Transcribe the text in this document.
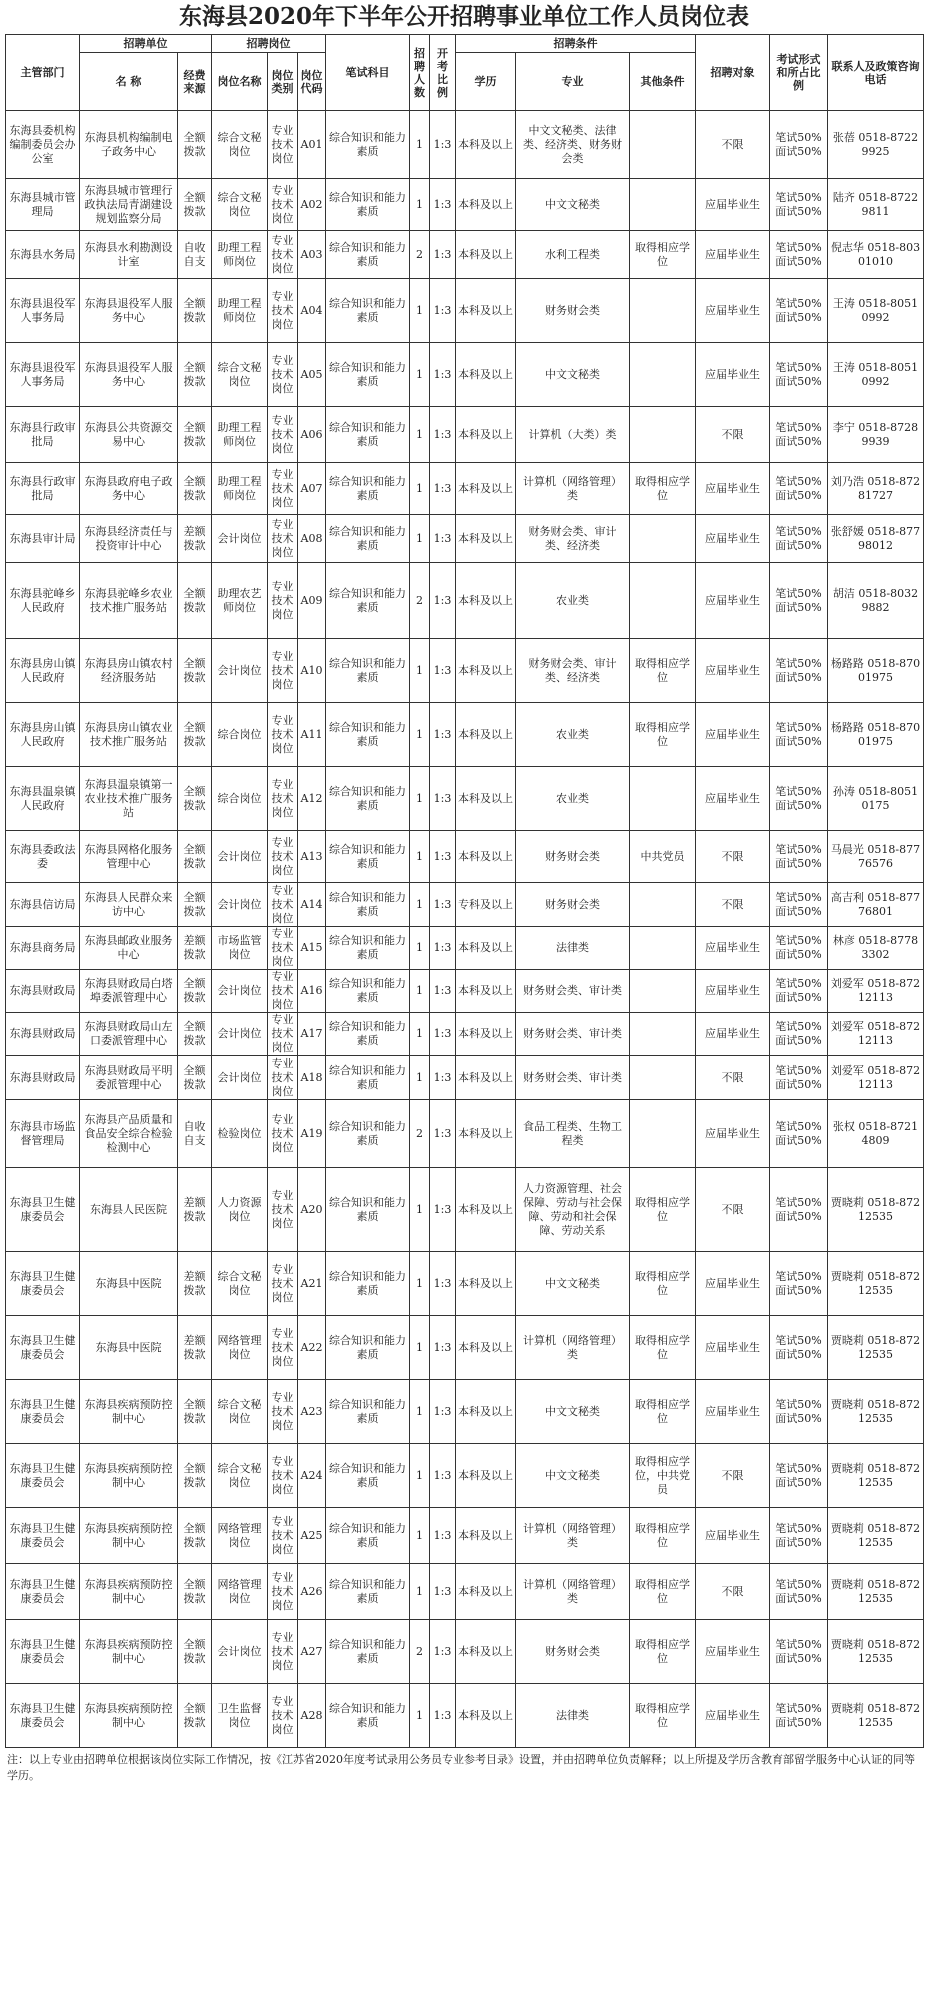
东海县2020年下半年公开招聘事业单位工作人员岗位表
主管部门	招聘单位		招聘岗位			笔试科目	招聘人数	开考比例	招聘条件			招聘对象	考试形式和所占比例	联系人及政策咨询电话
	名 称	经费来源	岗位名称	岗位类别	岗位代码				学历	专业	其他条件			
东海县委机构编制委员会办公室	东海县机构编制电子政务中心	全额拨款	综合文秘岗位	专业技术岗位	A01	综合知识和能力素质	1	1:3	本科及以上	中文文秘类、法律类、经济类、财务财会类		不限	笔试50% 面试50%	张蓓 0518-87229925
东海县城市管理局	东海县城市管理行政执法局青湖建设规划监察分局	全额拨款	综合文秘岗位	专业技术岗位	A02	综合知识和能力素质	1	1:3	本科及以上	中文文秘类		应届毕业生	笔试50% 面试50%	陆齐 0518-87229811
东海县水务局	东海县水利勘测设计室	自收自支	助理工程师岗位	专业技术岗位	A03	综合知识和能力素质	2	1:3	本科及以上	水利工程类	取得相应学位	应届毕业生	笔试50% 面试50%	倪志华 0518-80301010
东海县退役军人事务局	东海县退役军人服务中心	全额拨款	助理工程师岗位	专业技术岗位	A04	综合知识和能力素质	1	1:3	本科及以上	财务财会类		应届毕业生	笔试50% 面试50%	王涛 0518-80510992
东海县退役军人事务局	东海县退役军人服务中心	全额拨款	综合文秘岗位	专业技术岗位	A05	综合知识和能力素质	1	1:3	本科及以上	中文文秘类		应届毕业生	笔试50% 面试50%	王涛 0518-80510992
东海县行政审批局	东海县公共资源交易中心	全额拨款	助理工程师岗位	专业技术岗位	A06	综合知识和能力素质	1	1:3	本科及以上	计算机（大类）类		不限	笔试50% 面试50%	李宁 0518-87289939
东海县行政审批局	东海县政府电子政务中心	全额拨款	助理工程师岗位	专业技术岗位	A07	综合知识和能力素质	1	1:3	本科及以上	计算机（网络管理）类	取得相应学位	应届毕业生	笔试50% 面试50%	刘乃浩 0518-87281727
东海县审计局	东海县经济责任与投资审计中心	差额拨款	会计岗位	专业技术岗位	A08	综合知识和能力素质	1	1:3	本科及以上	财务财会类、审计类、经济类		应届毕业生	笔试50% 面试50%	张舒媛 0518-87798012
东海县驼峰乡人民政府	东海县驼峰乡农业技术推广服务站	全额拨款	助理农艺师岗位	专业技术岗位	A09	综合知识和能力素质	2	1:3	本科及以上	农业类		应届毕业生	笔试50% 面试50%	胡洁 0518-80329882
东海县房山镇人民政府	东海县房山镇农村经济服务站	全额拨款	会计岗位	专业技术岗位	A10	综合知识和能力素质	1	1:3	本科及以上	财务财会类、审计类、经济类	取得相应学位	应届毕业生	笔试50% 面试50%	杨路路 0518-87001975
东海县房山镇人民政府	东海县房山镇农业技术推广服务站	全额拨款	综合岗位	专业技术岗位	A11	综合知识和能力素质	1	1:3	本科及以上	农业类	取得相应学位	应届毕业生	笔试50% 面试50%	杨路路 0518-87001975
东海县温泉镇人民政府	东海县温泉镇第一农业技术推广服务站	全额拨款	综合岗位	专业技术岗位	A12	综合知识和能力素质	1	1:3	本科及以上	农业类		应届毕业生	笔试50% 面试50%	孙涛 0518-80510175
东海县委政法委	东海县网格化服务管理中心	全额拨款	会计岗位	专业技术岗位	A13	综合知识和能力素质	1	1:3	本科及以上	财务财会类	中共党员	不限	笔试50% 面试50%	马晨光 0518-87776576
东海县信访局	东海县人民群众来访中心	全额拨款	会计岗位	专业技术岗位	A14	综合知识和能力素质	1	1:3	专科及以上	财务财会类		不限	笔试50% 面试50%	高吉利 0518-87776801
东海县商务局	东海县邮政业服务中心	差额拨款	市场监管岗位	专业技术岗位	A15	综合知识和能力素质	1	1:3	本科及以上	法律类		应届毕业生	笔试50% 面试50%	林彦 0518-87783302
东海县财政局	东海县财政局白塔埠委派管理中心	全额拨款	会计岗位	专业技术岗位	A16	综合知识和能力素质	1	1:3	本科及以上	财务财会类、审计类		应届毕业生	笔试50% 面试50%	刘爱军 0518-87212113
东海县财政局	东海县财政局山左口委派管理中心	全额拨款	会计岗位	专业技术岗位	A17	综合知识和能力素质	1	1:3	本科及以上	财务财会类、审计类		应届毕业生	笔试50% 面试50%	刘爱军 0518-87212113
东海县财政局	东海县财政局平明委派管理中心	全额拨款	会计岗位	专业技术岗位	A18	综合知识和能力素质	1	1:3	本科及以上	财务财会类、审计类		不限	笔试50% 面试50%	刘爱军 0518-87212113
东海县市场监督管理局	东海县产品质量和食品安全综合检验检测中心	自收自支	检验岗位	专业技术岗位	A19	综合知识和能力素质	2	1:3	本科及以上	食品工程类、生物工程类		应届毕业生	笔试50% 面试50%	张权 0518-87214809
东海县卫生健康委员会	东海县人民医院	差额拨款	人力资源岗位	专业技术岗位	A20	综合知识和能力素质	1	1:3	本科及以上	人力资源管理、社会保障、劳动与社会保障、劳动和社会保障、劳动关系	取得相应学位	不限	笔试50% 面试50%	贾晓莉 0518-87212535
东海县卫生健康委员会	东海县中医院	差额拨款	综合文秘岗位	专业技术岗位	A21	综合知识和能力素质	1	1:3	本科及以上	中文文秘类	取得相应学位	应届毕业生	笔试50% 面试50%	贾晓莉 0518-87212535
东海县卫生健康委员会	东海县中医院	差额拨款	网络管理岗位	专业技术岗位	A22	综合知识和能力素质	1	1:3	本科及以上	计算机（网络管理）类	取得相应学位	应届毕业生	笔试50% 面试50%	贾晓莉 0518-87212535
东海县卫生健康委员会	东海县疾病预防控制中心	全额拨款	综合文秘岗位	专业技术岗位	A23	综合知识和能力素质	1	1:3	本科及以上	中文文秘类	取得相应学位	应届毕业生	笔试50% 面试50%	贾晓莉 0518-87212535
东海县卫生健康委员会	东海县疾病预防控制中心	全额拨款	综合文秘岗位	专业技术岗位	A24	综合知识和能力素质	1	1:3	本科及以上	中文文秘类	取得相应学位，中共党员	不限	笔试50% 面试50%	贾晓莉 0518-87212535
东海县卫生健康委员会	东海县疾病预防控制中心	全额拨款	网络管理岗位	专业技术岗位	A25	综合知识和能力素质	1	1:3	本科及以上	计算机（网络管理）类	取得相应学位	应届毕业生	笔试50% 面试50%	贾晓莉 0518-87212535
东海县卫生健康委员会	东海县疾病预防控制中心	全额拨款	网络管理岗位	专业技术岗位	A26	综合知识和能力素质	1	1:3	本科及以上	计算机（网络管理）类	取得相应学位	不限	笔试50% 面试50%	贾晓莉 0518-87212535
东海县卫生健康委员会	东海县疾病预防控制中心	全额拨款	会计岗位	专业技术岗位	A27	综合知识和能力素质	2	1:3	本科及以上	财务财会类	取得相应学位	应届毕业生	笔试50% 面试50%	贾晓莉 0518-87212535
东海县卫生健康委员会	东海县疾病预防控制中心	全额拨款	卫生监督岗位	专业技术岗位	A28	综合知识和能力素质	1	1:3	本科及以上	法律类	取得相应学位	应届毕业生	笔试50% 面试50%	贾晓莉 0518-87212535
注：以上专业由招聘单位根据该岗位实际工作情况，按《江苏省2020年度考试录用公务员专业参考目录》设置，并由招聘单位负责解释；以上所提及学历含教育部留学服务中心认证的同等学历。
